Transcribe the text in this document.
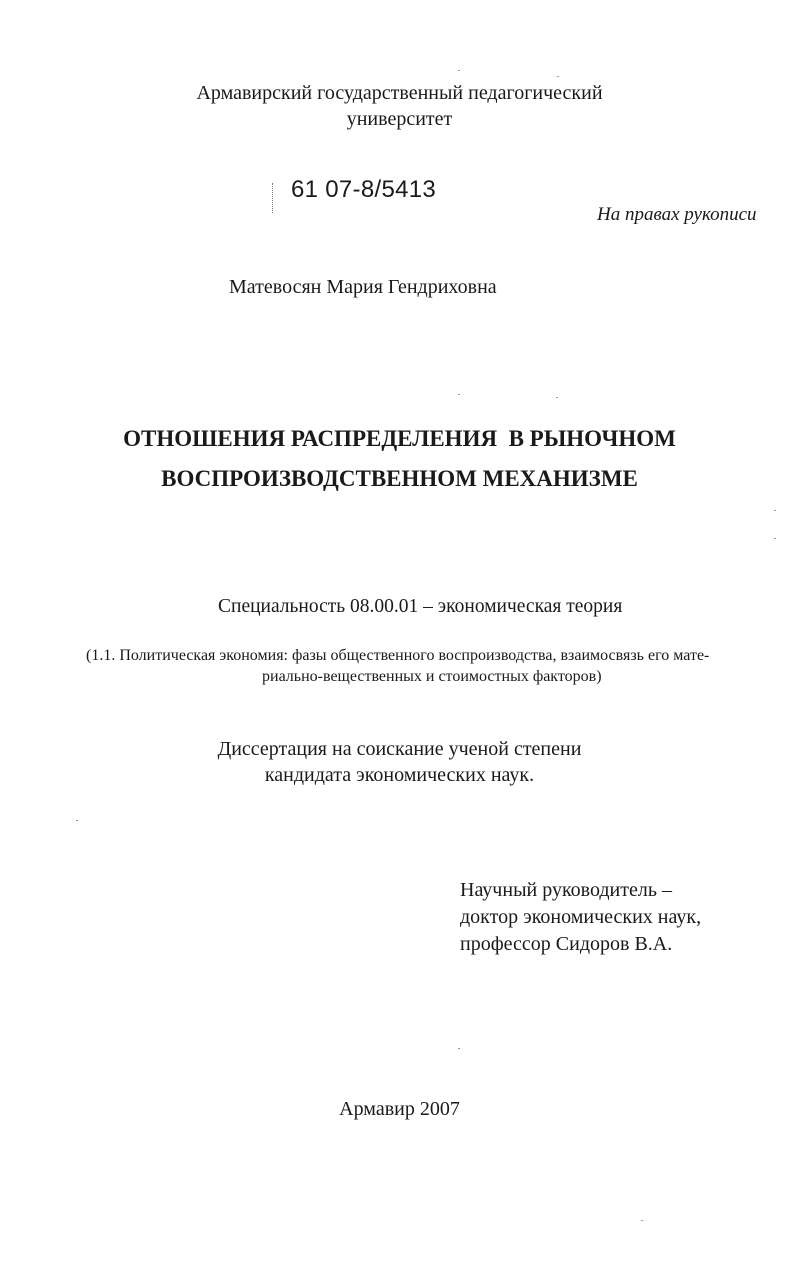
Армавирский государственный педагогический
университет
61 07-8/5413
На правах рукописи
Матевосян Мария Гендриховна
ОТНОШЕНИЯ РАСПРЕДЕЛЕНИЯ  В РЫНОЧНОМ
ВОСПРОИЗВОДСТВЕННОМ МЕХАНИЗМЕ
Специальность 08.00.01 – экономическая теория
(1.1. Политическая экономия: фазы общественного воспроизводства, взаимосвязь его мате-
риально-вещественных и стоимостных факторов)
Диссертация на соискание ученой степени
кандидата экономических наук.
Научный руководитель –
доктор экономических наук,
профессор Сидоров В.А.
Армавир 2007
